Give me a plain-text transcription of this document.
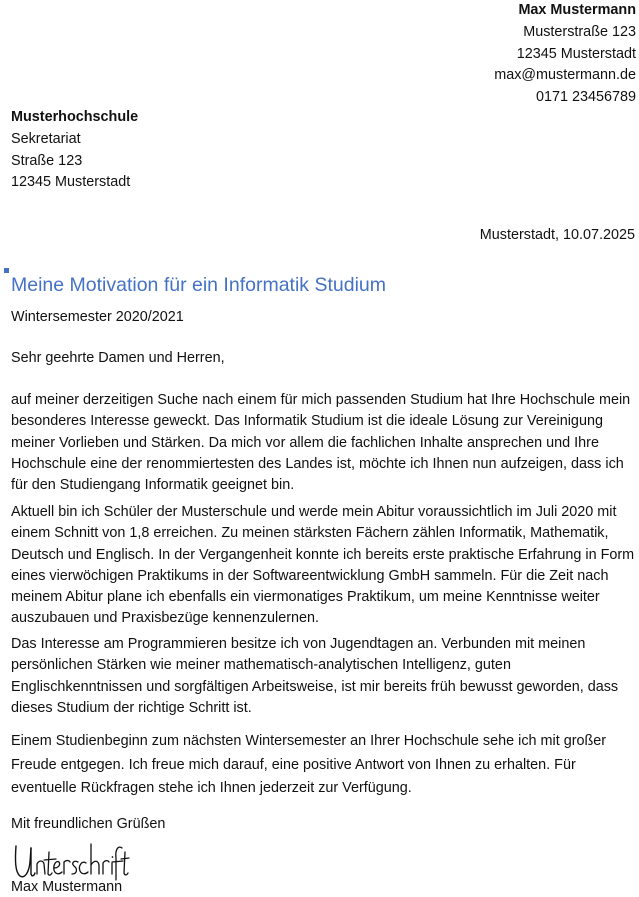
Max Mustermann
Musterstraße 123
12345 Musterstadt
max@mustermann.de
0171 23456789
Musterhochschule
Sekretariat
Straße 123
12345 Musterstadt
Musterstadt, 10.07.2025
Meine Motivation für ein Informatik Studium
Wintersemester 2020/2021
Sehr geehrte Damen und Herren,

auf meiner derzeitigen Suche nach einem für mich passenden Studium hat Ihre Hochschule mein besonderes Interesse geweckt. Das Informatik Studium ist die ideale Lösung zur Vereinigung meiner Vorlieben und Stärken. Da mich vor allem die fachlichen Inhalte ansprechen und Ihre Hochschule eine der renommiertesten des Landes ist, möchte ich Ihnen nun aufzeigen, dass ich für den Studiengang Informatik geeignet bin.

Aktuell bin ich Schüler der Musterschule und werde mein Abitur voraussichtlich im Juli 2020 mit einem Schnitt von 1,8 erreichen. Zu meinen stärksten Fächern zählen Informatik, Mathematik, Deutsch und Englisch. In der Vergangenheit konnte ich bereits erste praktische Erfahrung in Form eines vierwöchigen Praktikums in der Softwareentwicklung GmbH sammeln. Für die Zeit nach meinem Abitur plane ich ebenfalls ein viermonatiges Praktikum, um meine Kenntnisse weiter auszubauen und Praxisbezüge kennenzulernen.

Das Interesse am Programmieren besitze ich von Jugendtagen an. Verbunden mit meinen persönlichen Stärken wie meiner mathematisch-analytischen Intelligenz, guten Englischkenntnissen und sorgfältigen Arbeitsweise, ist mir bereits früh bewusst geworden, dass dieses Studium der richtige Schritt ist.

Einem Studienbeginn zum nächsten Wintersemester an Ihrer Hochschule sehe ich mit großer Freude entgegen. Ich freue mich darauf, eine positive Antwort von Ihnen zu erhalten. Für eventuelle Rückfragen stehe ich Ihnen jederzeit zur Verfügung.

Mit freundlichen Grüßen
Max Mustermann
